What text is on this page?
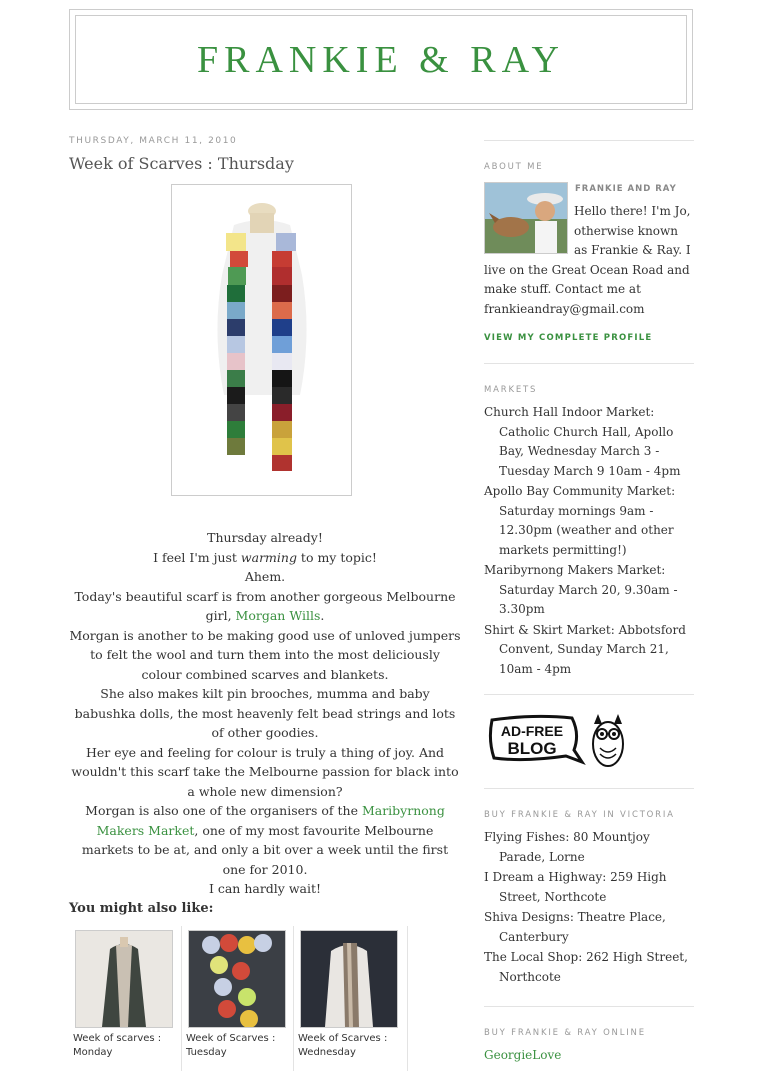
FRANKIE & RAY
THURSDAY, MARCH 11, 2010
Week of Scarves : Thursday

Thursday already!

I feel I'm just warming to my topic!

Ahem.

Today's beautiful scarf is from another gorgeous Melbourne girl, Morgan Wills.

Morgan is another to be making good use of unloved jumpers to felt the wool and turn them into the most deliciously colour combined scarves and blankets.

She also makes kilt pin brooches, mumma and baby babushka dolls, the most heavenly felt bead strings and lots of other goodies.

Her eye and feeling for colour is truly a thing of joy. And wouldn't this scarf take the Melbourne passion for black into a whole new dimension?

Morgan is also one of the organisers of the Maribyrnong Makers Market, one of my most favourite Melbourne markets to be at, and only a bit over a week until the first one for 2010.

I can hardly wait!

You might also like:
Week of scarves : Monday
Week of Scarves : Tuesday
Week of Scarves : Wednesday
ABOUT ME
FRANKIE AND RAY
Hello there! I'm Jo, otherwise known as Frankie & Ray. I live on the Great Ocean Road and make stuff. Contact me at frankieandray@gmail.com
VIEW MY COMPLETE PROFILE
MARKETS
Church Hall Indoor Market: Catholic Church Hall, Apollo Bay, Wednesday March 3 - Tuesday March 9 10am - 4pm
Apollo Bay Community Market: Saturday mornings 9am - 12.30pm (weather and other markets permitting!)
Maribyrnong Makers Market: Saturday March 20, 9.30am - 3.30pm
Shirt & Skirt Market: Abbotsford Convent, Sunday March 21, 10am - 4pm
AD-FREE
BLOG
BUY FRANKIE & RAY IN VICTORIA
Flying Fishes: 80 Mountjoy Parade, Lorne
I Dream a Highway: 259 High Street, Northcote
Shiva Designs: Theatre Place, Canterbury
The Local Shop: 262 High Street, Northcote
BUY FRANKIE & RAY ONLINE
GeorgieLove
